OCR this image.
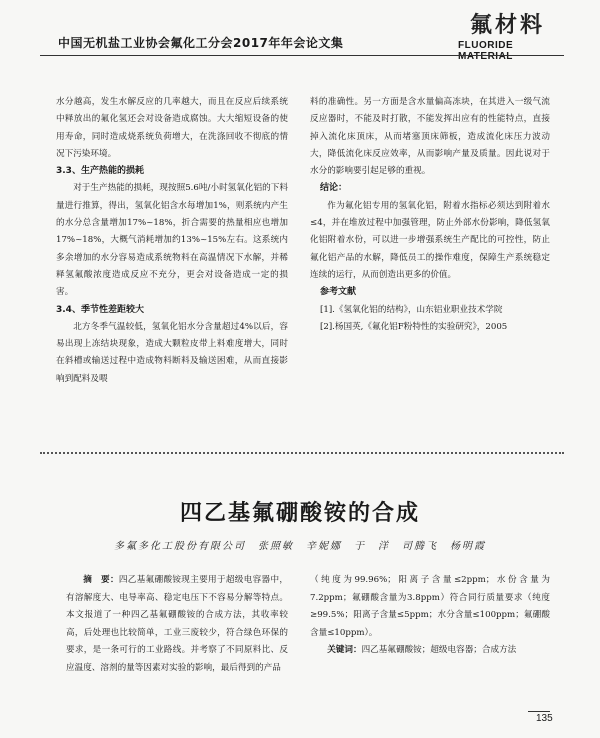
中国无机盐工业协会氟化工分会2017年年会论文集
氟材料
FLUORIDE MATERIAL

水分越高，发生水解反应的几率越大，而且在反应后续系统中释放出的氟化氢还会对设备造成腐蚀。大大缩短设备的使用寿命，同时造成烧系统负荷增大，在洗涤回收不彻底的情况下污染环境。

3.3、生产热能的损耗

对于生产热能的损耗，现按照5.6吨/小时氢氧化铝的下料量进行推算，得出，氢氧化铝含水每增加1%，则系统内产生的水分总含量增加17%~18%，折合需要的热量相应也增加17%~18%，大概气消耗增加约13%~15%左右。这系统内多余增加的水分容易造成系统物料在高温情况下水解，并稀释氢氟酸浓度造成反应不充分，更会对设备造成一定的损害。

3.4、季节性差距较大

北方冬季气温较低，氢氧化铝水分含量超过4%以后，容易出现上冻结块现象，造成大颗粒皮带上料难度增大，同时在斜槽或输送过程中造成物料断料及输送困难，从而直接影响到配料及喂

料的准确性。另一方面是含水量偏高冻块，在其进入一级气流反应器时，不能及时打散，不能发挥出应有的性能特点，直接掉入流化床顶床，从而堵塞顶床筛板，造成流化床压力波动大，降低流化床反应效率，从而影响产量及质量。因此说对于水分的影响要引起足够的重视。

结论：

作为氟化铝专用的氢氧化铝，附着水指标必须达到附着水≤4，并在堆放过程中加强管理，防止外部水份影响，降低氢氧化铝附着水份，可以进一步增强系统生产配比的可控性，防止氟化铝产品的水解，降低员工的操作难度，保障生产系统稳定连续的运行，从而创造出更多的价值。

参考文献

[1].《氢氧化铝的结构》，山东铝业职业技术学院

[2].杨国英,《氟化铝F粉特性的实验研究》，2005

四乙基氟硼酸铵的合成
多氟多化工股份有限公司　张照敏　辛妮娜　于　洋　司腾飞　杨明霞

摘　要：四乙基氟硼酸铵现主要用于超级电容器中，有溶解度大、电导率高、稳定电压下不容易分解等特点。本文报道了一种四乙基氟硼酸铵的合成方法，其收率较高，后处理也比较简单，工业三废较少，符合绿色环保的要求，是一条可行的工业路线。并考察了不同原料比、反应温度、溶剂的量等因素对实验的影响，最后得到的产品

（纯度为99.96%；阳离子含量≤2ppm；水份含量为7.2ppm；氟硼酸含量为3.8ppm）符合同行质量要求（纯度≥99.5%；阳离子含量≤5ppm；水分含量≤100ppm；氟硼酸含量≤10ppm）。

关键词：四乙基氟硼酸铵；超级电容器；合成方法

135
